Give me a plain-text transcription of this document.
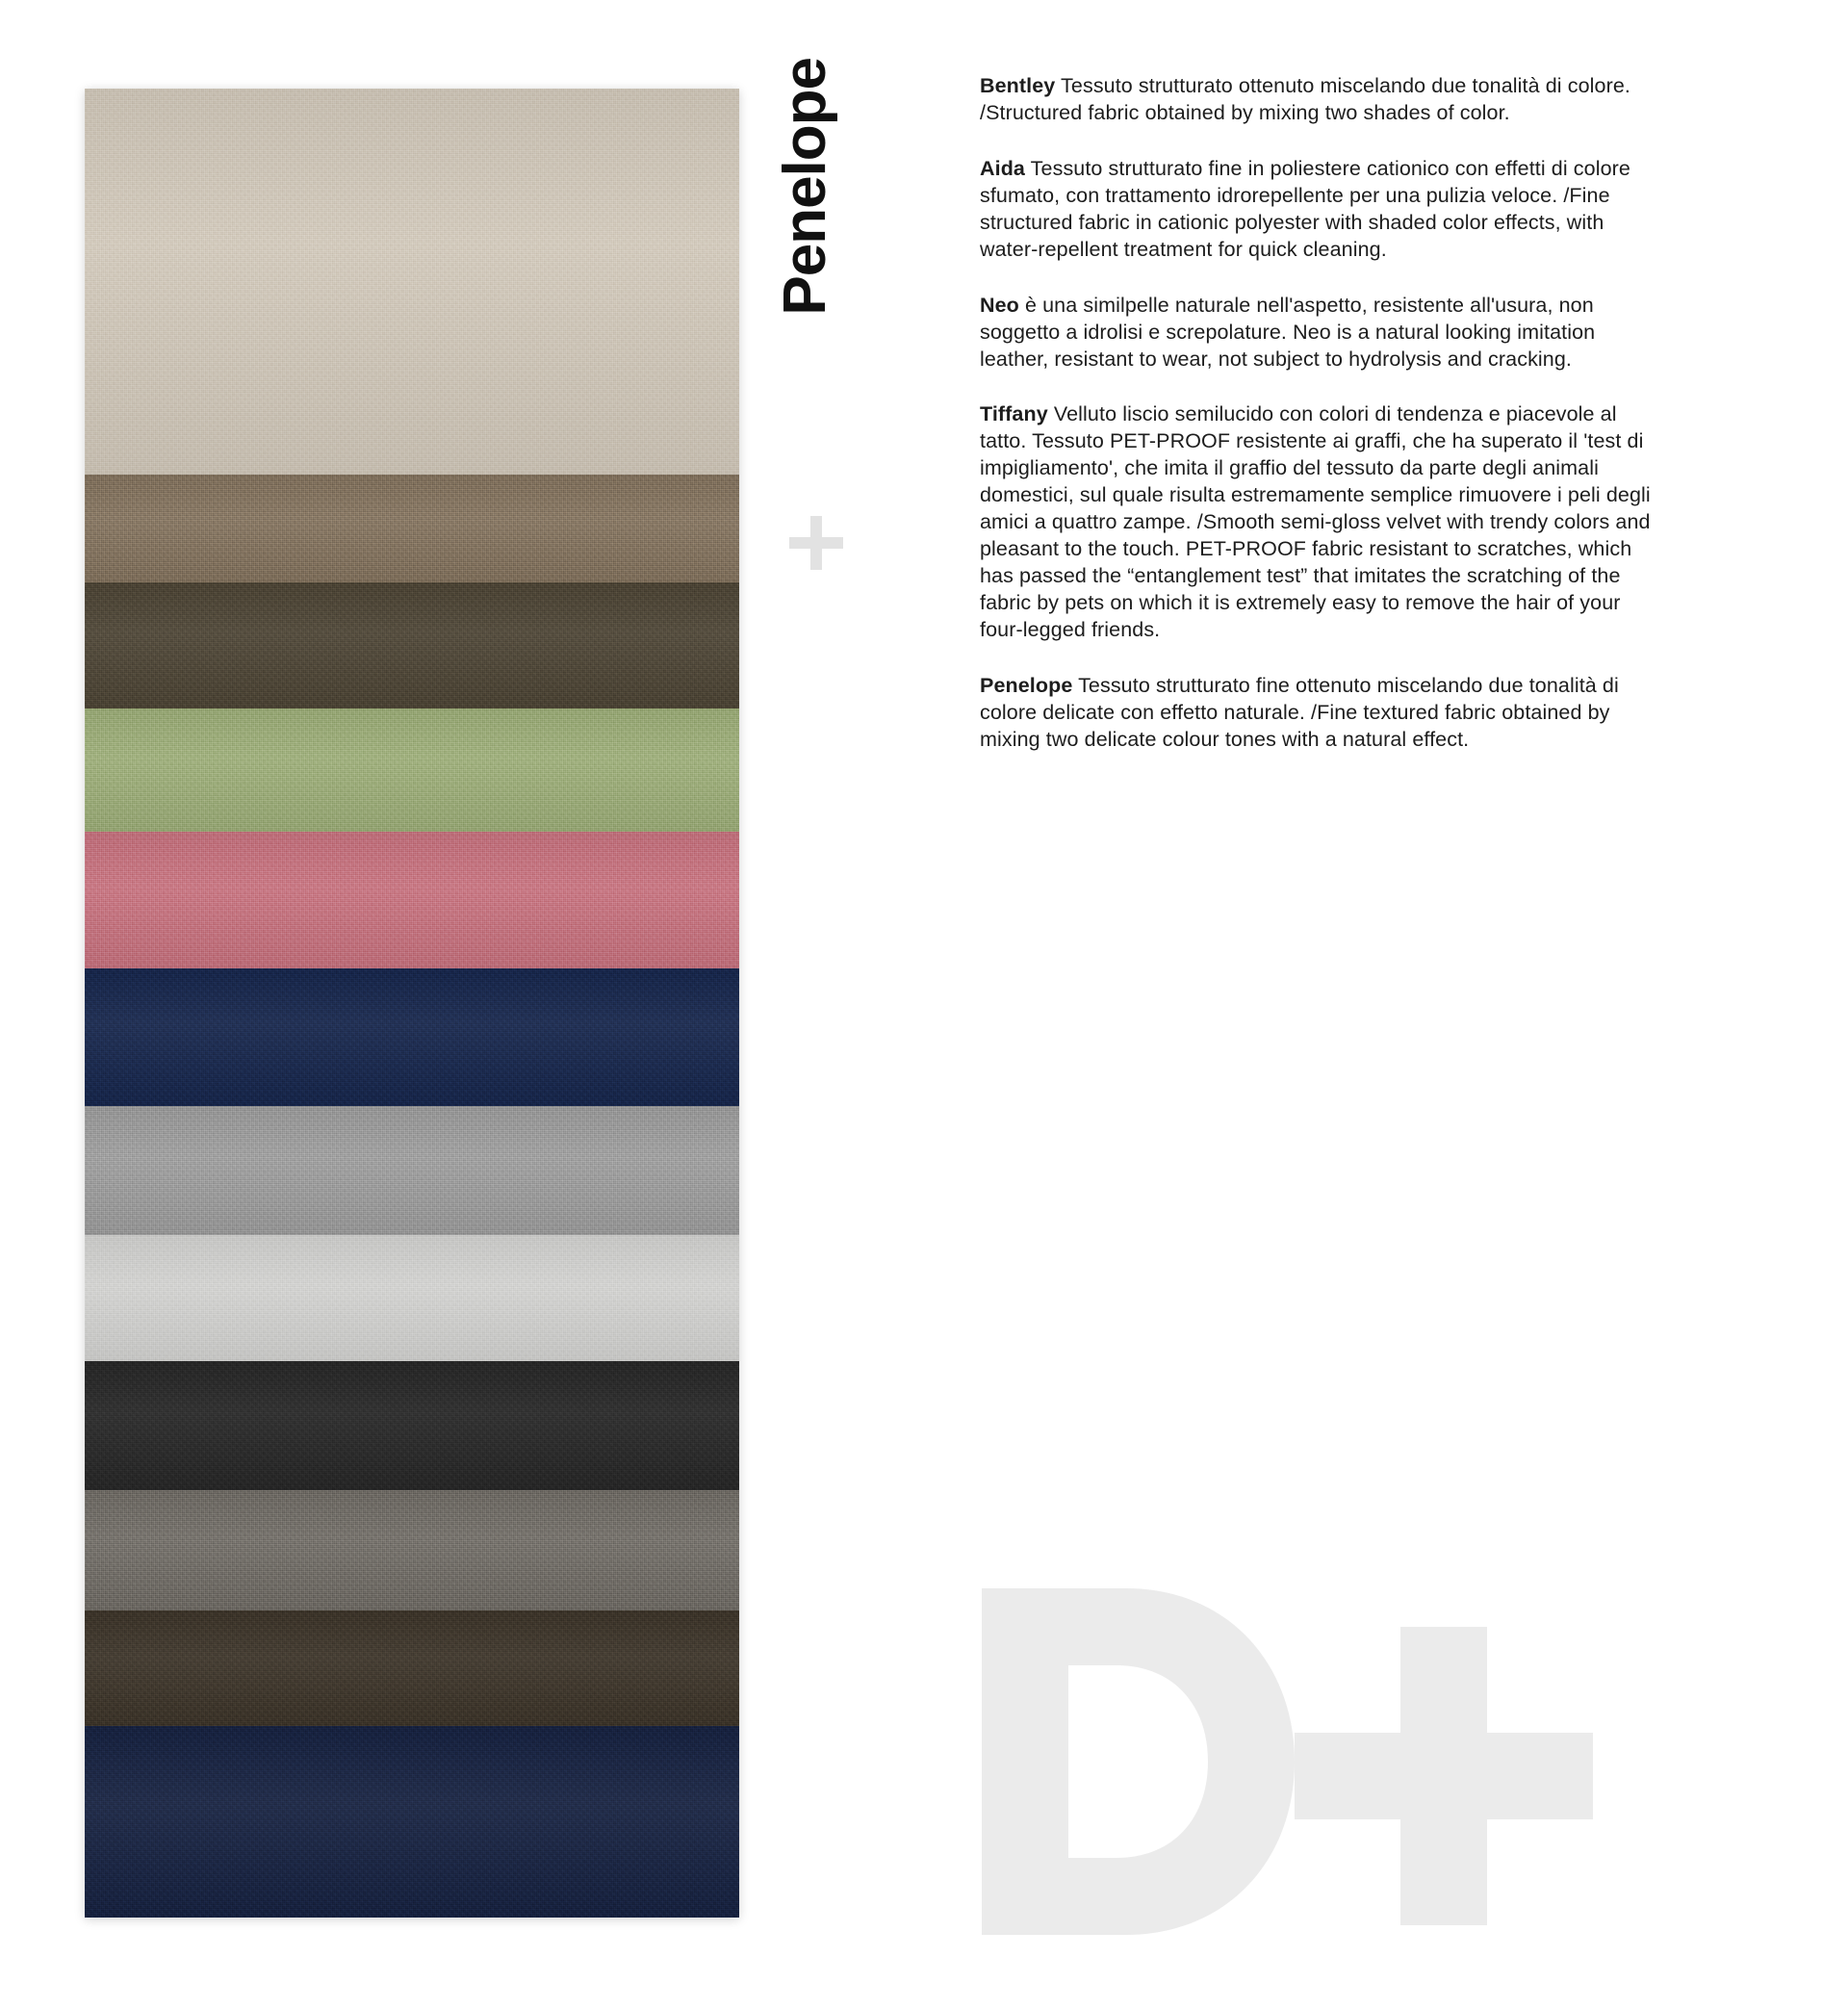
Penelope	Bentley Tessuto strutturato ottenuto miscelando due tonalità di colore. /Structured fabric obtained by mixing two shades of color.

Aida Tessuto strutturato fine in poliestere cationico con effetti di colore sfumato, con trattamento idrorepellente per una pulizia veloce. /Fine structured fabric in cationic polyester with shaded color effects, with water-repellent treatment for quick cleaning.

Neo è una similpelle naturale nell'aspetto, resistente all'usura, non soggetto a idrolisi e screpolature. Neo is a natural looking imitation leather, resistant to wear, not subject to hydrolysis and cracking.

Tiffany Velluto liscio semilucido con colori di tendenza e piacevole al tatto. Tessuto PET-PROOF resistente ai graffi, che ha superato il 'test di impigliamento', che imita il graffio del tessuto da parte degli animali domestici, sul quale risulta estremamente semplice rimuovere i peli degli amici a quattro zampe. /Smooth semi-gloss velvet with trendy colors and pleasant to the touch. PET-PROOF fabric resistant to scratches, which has passed the “entanglement test” that imitates the scratching of the fabric by pets on which it is extremely easy to remove the hair of your four-legged friends.

Penelope Tessuto strutturato fine ottenuto miscelando due tonalità di colore delicate con effetto naturale. /Fine textured fabric obtained by mixing two delicate colour tones with a natural effect.
